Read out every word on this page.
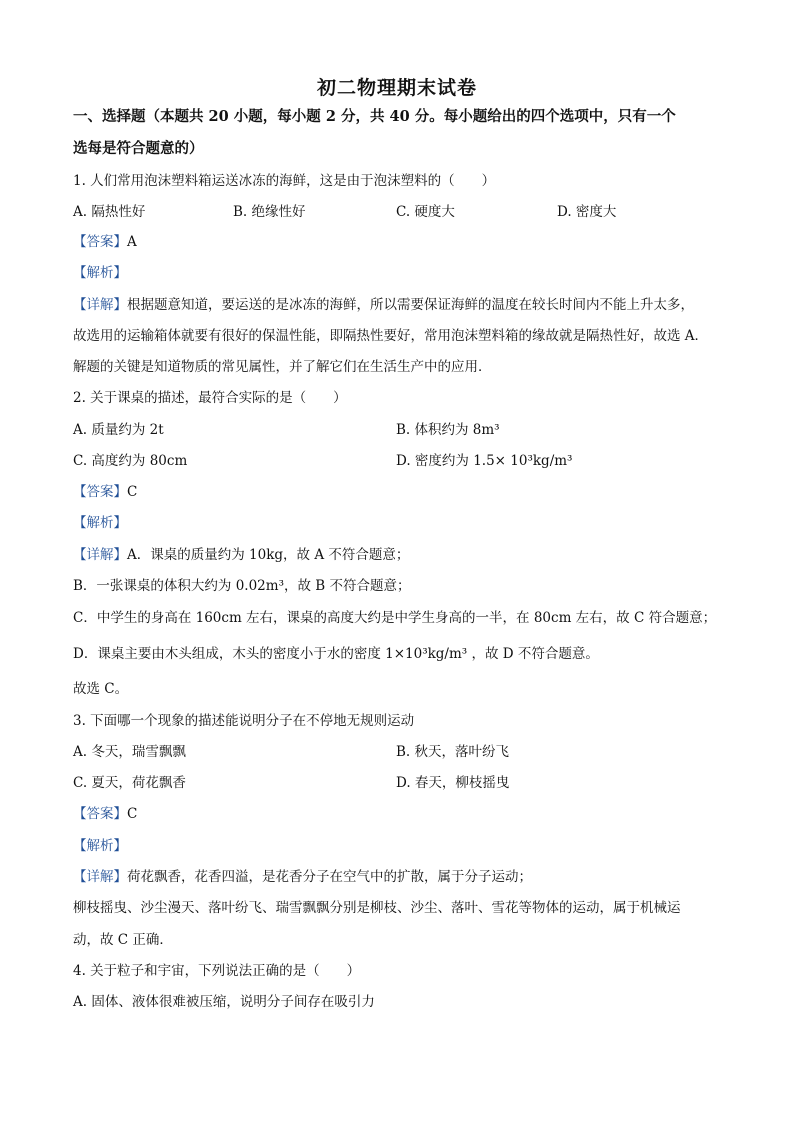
初二物理期末试卷
一、选择题（本题共 20 小题，每小题 2 分，共 40 分。每小题给出的四个选项中，只有一个
选每是符合题意的）
1. 人们常用泡沫塑料箱运送冰冻的海鲜，这是由于泡沫塑料的（　　）
A. 隔热性好	B. 绝缘性好	C. 硬度大	D. 密度大
【答案】A
【解析】
【详解】根据题意知道，要运送的是冰冻的海鲜，所以需要保证海鲜的温度在较长时间内不能上升太多，
故选用的运输箱体就要有很好的保温性能，即隔热性要好，常用泡沫塑料箱的缘故就是隔热性好，故选 A．
解题的关键是知道物质的常见属性，并了解它们在生活生产中的应用．
2. 关于课桌的描述，最符合实际的是（　　）
A. 质量约为 2t	B. 体积约为 8m³
C. 高度约为 80cm	D. 密度约为 1.5× 10³kg/m³
【答案】C
【解析】
【详解】A．课桌的质量约为 10kg，故 A 不符合题意；
B．一张课桌的体积大约为 0.02m³，故 B 不符合题意；
C．中学生的身高在 160cm 左右，课桌的高度大约是中学生身高的一半，在 80cm 左右，故 C 符合题意；
D．课桌主要由木头组成，木头的密度小于水的密度 1×10³kg/m³ ，故 D 不符合题意。
故选 C。
3. 下面哪一个现象的描述能说明分子在不停地无规则运动
A. 冬天，瑞雪飘飘	B. 秋天，落叶纷飞
C. 夏天，荷花飘香	D. 春天，柳枝摇曳
【答案】C
【解析】
【详解】荷花飘香，花香四溢，是花香分子在空气中的扩散，属于分子运动；
柳枝摇曳、沙尘漫天、落叶纷飞、瑞雪飘飘分别是柳枝、沙尘、落叶、雪花等物体的运动，属于机械运
动，故 C 正确．
4. 关于粒子和宇宙，下列说法正确的是（　　）
A. 固体、液体很难被压缩，说明分子间存在吸引力
